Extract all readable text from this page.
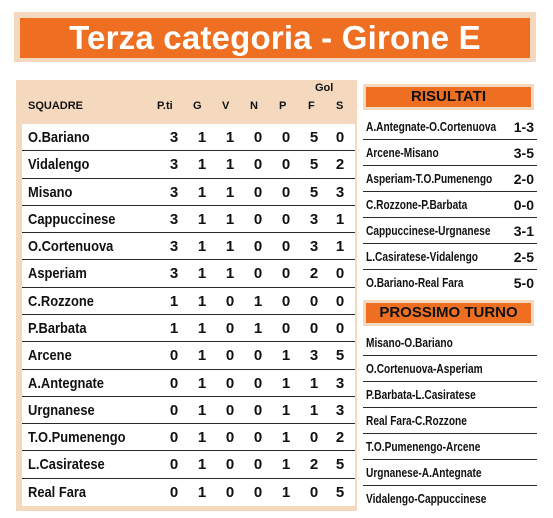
Terza categoria - Girone E
SQUADRE	P.ti G V N P
Gol
F S
O.Bariano	3 1 1 0 0 5 0
Vidalengo	3 1 1 0 0 5 2
Misano	3 1 1 0 0 5 3
Cappuccinese	3 1 1 0 0 3 1
O.Cortenuova	3 1 1 0 0 3 1
Asperiam	3 1 1 0 0 2 0
C.Rozzone	1 1 0 1 0 0 0
P.Barbata	1 1 0 1 0 0 0
Arcene	0 1 0 0 1 3 5
A.Antegnate	0 1 0 0 1 1 3
Urgnanese	0 1 0 0 1 1 3
T.O.Pumenengo	0 1 0 0 1 0 2
L.Casiratese	0 1 0 0 1 2 5
Real Fara	0 1 0 0 1 0 5
RISULTATI
A.Antegnate-O.Cortenuova 1-3
Arcene-Misano	3-5
Asperiam-T.O.Pumenengo 2-0
C.Rozzone-P.Barbata	0-0
Cappuccinese-Urgnanese 3-1
L.Casiratese-Vidalengo	2-5
O.Bariano-Real Fara	5-0
PROSSIMO TURNO
Misano-O.Bariano
O.Cortenuova-Asperiam
P.Barbata-L.Casiratese
Real Fara-C.Rozzone
T.O.Pumenengo-Arcene
Urgnanese-A.Antegnate
Vidalengo-Cappuccinese
